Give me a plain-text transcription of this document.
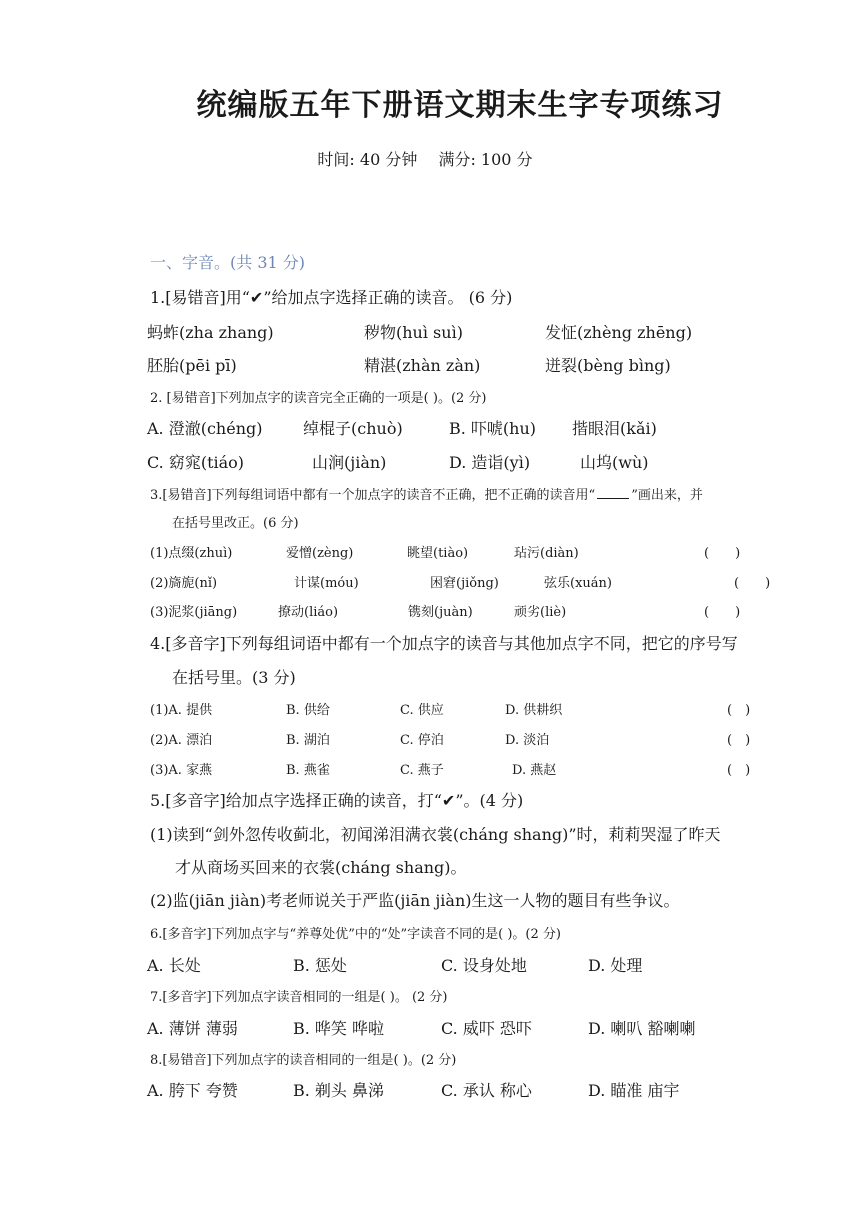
统编版五年下册语文期末生字专项练习
时间: 40 分钟 满分: 100 分
一、字音。(共 31 分)
1.[易错音]用“✔”给加点字选择正确的读音。 (6 分)
蚂蚱(zha zhang)	秽物(huì suì)	发怔(zhèng zhēng)
胚胎(pēi pī)	精湛(zhàn zàn)	迸裂(bèng bìng)
2. [易错音]下列加点字的读音完全正确的一项是( )。(2 分)
A. 澄澈(chéng)	绰棍子(chuò)	B. 吓唬(hu) 揩眼泪(kǎi)
C. 窈窕(tiáo)	山涧(jiàn)	D. 造诣(yì)	山坞(wù)
3.[易错音]下列每组词语中都有一个加点字的读音不正确，把不正确的读音用“	”画出来，并
在括号里改正。(6 分)
(1)点缀(zhuì)	爱憎(zèng)	眺望(tiào)	玷污(diàn)	(　　)
(2)旖旎(nǐ)	计谋(móu)	困窘(jiǒng)	弦乐(xuán)	(　　)
(3)泥浆(jiāng)	撩动(liáo)	镌刻(juàn)	顽劣(liè)	(　　)
4.[多音字]下列每组词语中都有一个加点字的读音与其他加点字不同，把它的序号写
在括号里。(3 分)
(1)A. 提供	B. 供给	C. 供应	D. 供耕织	(　)
(2)A. 漂泊	B. 湖泊	C. 停泊	D. 淡泊	(　)
(3)A. 家燕	B. 燕雀	C. 燕子	D. 燕赵	(　)
5.[多音字]给加点字选择正确的读音，打“✔”。(4 分)
(1)读到“剑外忽传收蓟北，初闻涕泪满衣裳(cháng shang)”时，莉莉哭湿了昨天
才从商场买回来的衣裳(cháng shang)。
(2)监(jiān jiàn)考老师说关于严监(jiān jiàn)生这一人物的题目有些争议。
6.[多音字]下列加点字与“养尊处优”中的“处”字读音不同的是( )。(2 分)
A. 长处	B. 惩处	C. 设身处地	D. 处理
7.[多音字]下列加点字读音相同的一组是( )。 (2 分)
A. 薄饼 薄弱	B. 哗笑 哗啦	C. 威吓 恐吓	D. 喇叭 豁喇喇
8.[易错音]下列加点字的读音相同的一组是( )。(2 分)
A. 胯下 夸赞	B. 剃头 鼻涕	C. 承认 称心	D. 瞄准 庙宇
